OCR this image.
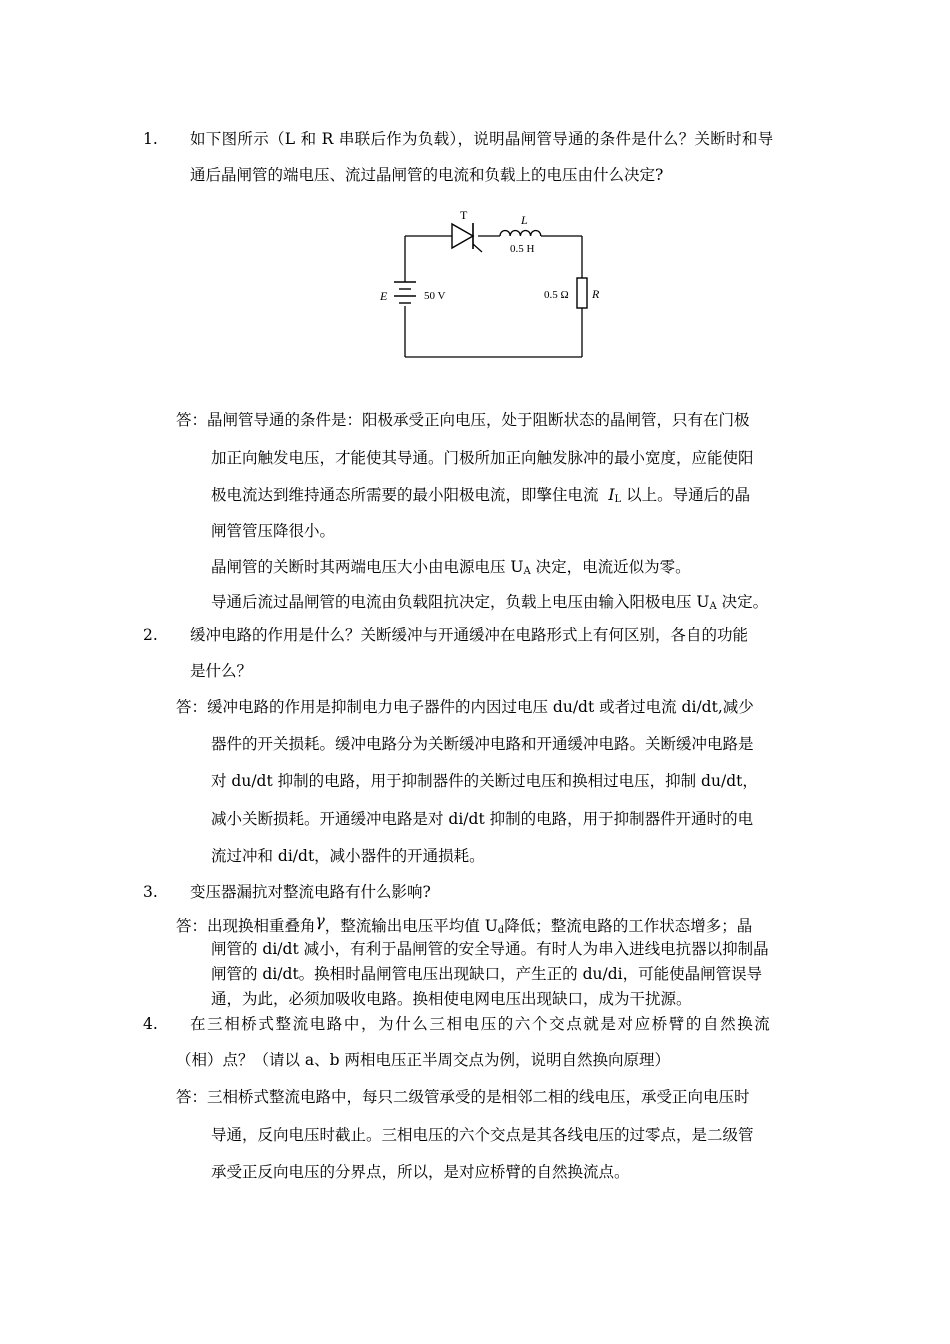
1. 如下图所示（L 和 R 串联后作为负载），说明晶闸管导通的条件是什么？关断时和导
通后晶闸管的端电压、流过晶闸管的电流和负载上的电压由什么决定?
T	L
0.5 H
E	50 V	0.5 Ω R
答：晶闸管导通的条件是：阳极承受正向电压，处于阻断状态的晶闸管，只有在门极
加正向触发电压，才能使其导通。门极所加正向触发脉冲的最小宽度，应能使阳
极电流达到维持通态所需要的最小阳极电流，即擎住电流 $I_L$ 以上。导通后的晶
闸管管压降很小。
晶闸管的关断时其两端电压大小由电源电压 $U_A$ 决定，电流近似为零。
导通后流过晶闸管的电流由负载阻抗决定，负载上电压由输入阳极电压 $U_A$ 决定。
2. 缓冲电路的作用是什么？关断缓冲与开通缓冲在电路形式上有何区别，各自的功能
是什么？
答：缓冲电路的作用是抑制电力电子器件的内因过电压 du/dt 或者过电流 di/dt,减少
器件的开关损耗。缓冲电路分为关断缓冲电路和开通缓冲电路。关断缓冲电路是
对 du/dt 抑制的电路，用于抑制器件的关断过电压和换相过电压，抑制 du/dt，
减小关断损耗。开通缓冲电路是对 di/dt 抑制的电路，用于抑制器件开通时的电
流过冲和 di/dt，减小器件的开通损耗。
3. 变压器漏抗对整流电路有什么影响?
答：出现换相重叠角γ，整流输出电压平均值 $U_d$降低；整流电路的工作状态增多；晶
闸管的 di/dt 减小，有利于晶闸管的安全导通。有时人为串入进线电抗器以抑制晶
闸管的 di/dt。换相时晶闸管电压出现缺口，产生正的 du/di，可能使晶闸管误导
通，为此，必须加吸收电路。换相使电网电压出现缺口，成为干扰源。
4. 在三相桥式整流电路中，为什么三相电压的六个交点就是对应桥臂的自然换流
（相）点？（请以 a、b 两相电压正半周交点为例，说明自然换向原理）
答：三相桥式整流电路中，每只二级管承受的是相邻二相的线电压，承受正向电压时
导通，反向电压时截止。三相电压的六个交点是其各线电压的过零点，是二级管
承受正反向电压的分界点，所以，是对应桥臂的自然换流点。
